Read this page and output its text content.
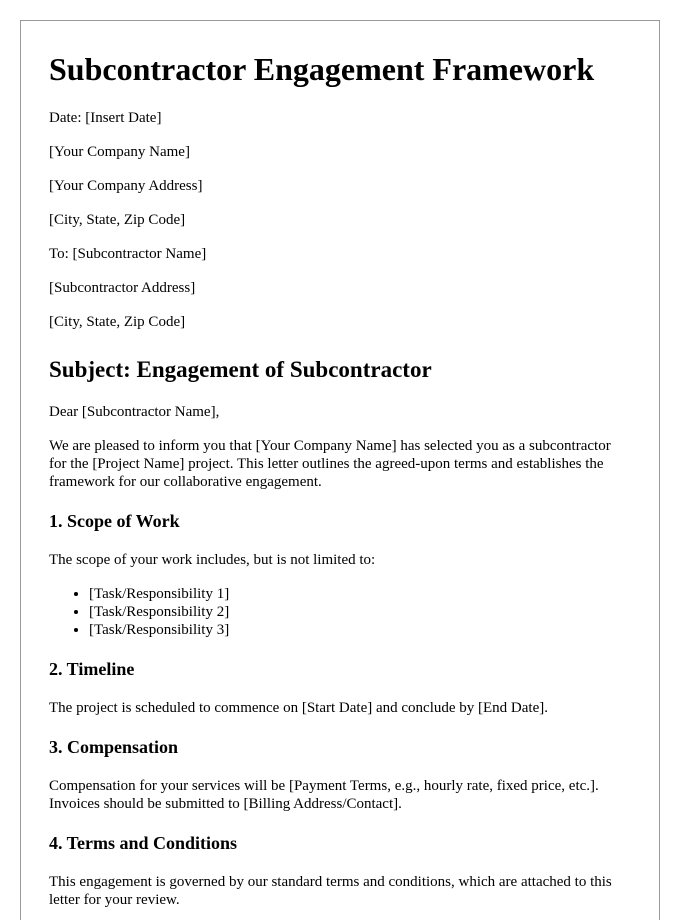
Subcontractor Engagement Framework
Date: [Insert Date]
[Your Company Name]
[Your Company Address]
[City, State, Zip Code]
To: [Subcontractor Name]
[Subcontractor Address]
[City, State, Zip Code]
Subject: Engagement of Subcontractor

Dear [Subcontractor Name],

We are pleased to inform you that [Your Company Name] has selected you as a subcontractor for the [Project Name] project. This letter outlines the agreed-upon terms and establishes the framework for our collaborative engagement.

1. Scope of Work

The scope of your work includes, but is not limited to:

• [Task/Responsibility 1]
• [Task/Responsibility 2]
• [Task/Responsibility 3]
2. Timeline

The project is scheduled to commence on [Start Date] and conclude by [End Date].

3. Compensation

Compensation for your services will be [Payment Terms, e.g., hourly rate, fixed price, etc.]. Invoices should be submitted to [Billing Address/Contact].

4. Terms and Conditions

This engagement is governed by our standard terms and conditions, which are attached to this letter for your review.
